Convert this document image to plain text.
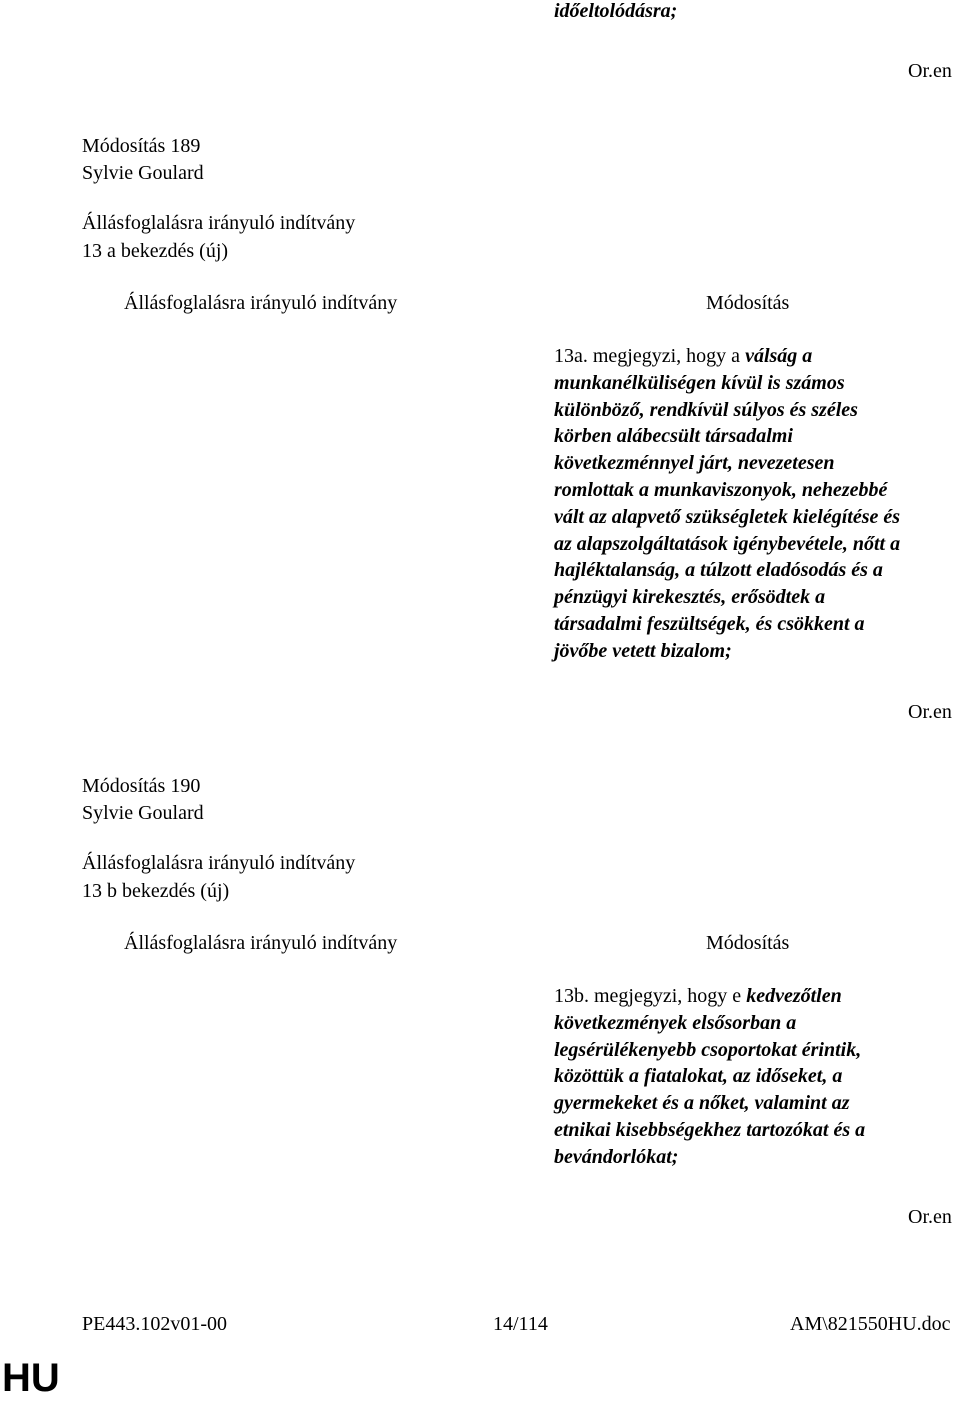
időeltolódásra;
Or.en
Módosítás 189
Sylvie Goulard
Állásfoglalásra irányuló indítvány
13 a bekezdés (új)
Állásfoglalásra irányuló indítvány	Módosítás
13a. megjegyzi, hogy a válság a
munkanélküliségen kívül is számos
különböző, rendkívül súlyos és széles
körben alábecsült társadalmi
következménnyel járt, nevezetesen
romlottak a munkaviszonyok, nehezebbé
vált az alapvető szükségletek kielégítése és
az alapszolgáltatások igénybevétele, nőtt a
hajléktalanság, a túlzott eladósodás és a
pénzügyi kirekesztés, erősödtek a
társadalmi feszültségek, és csökkent a
jövőbe vetett bizalom;
Or.en
Módosítás 190
Sylvie Goulard
Állásfoglalásra irányuló indítvány
13 b bekezdés (új)
Állásfoglalásra irányuló indítvány	Módosítás
13b. megjegyzi, hogy e kedvezőtlen
következmények elsősorban a
legsérülékenyebb csoportokat érintik,
közöttük a fiatalokat, az időseket, a
gyermekeket és a nőket, valamint az
etnikai kisebbségekhez tartozókat és a
bevándorlókat;
Or.en
PE443.102v01-00	14/114	AM\821550HU.doc
HU
